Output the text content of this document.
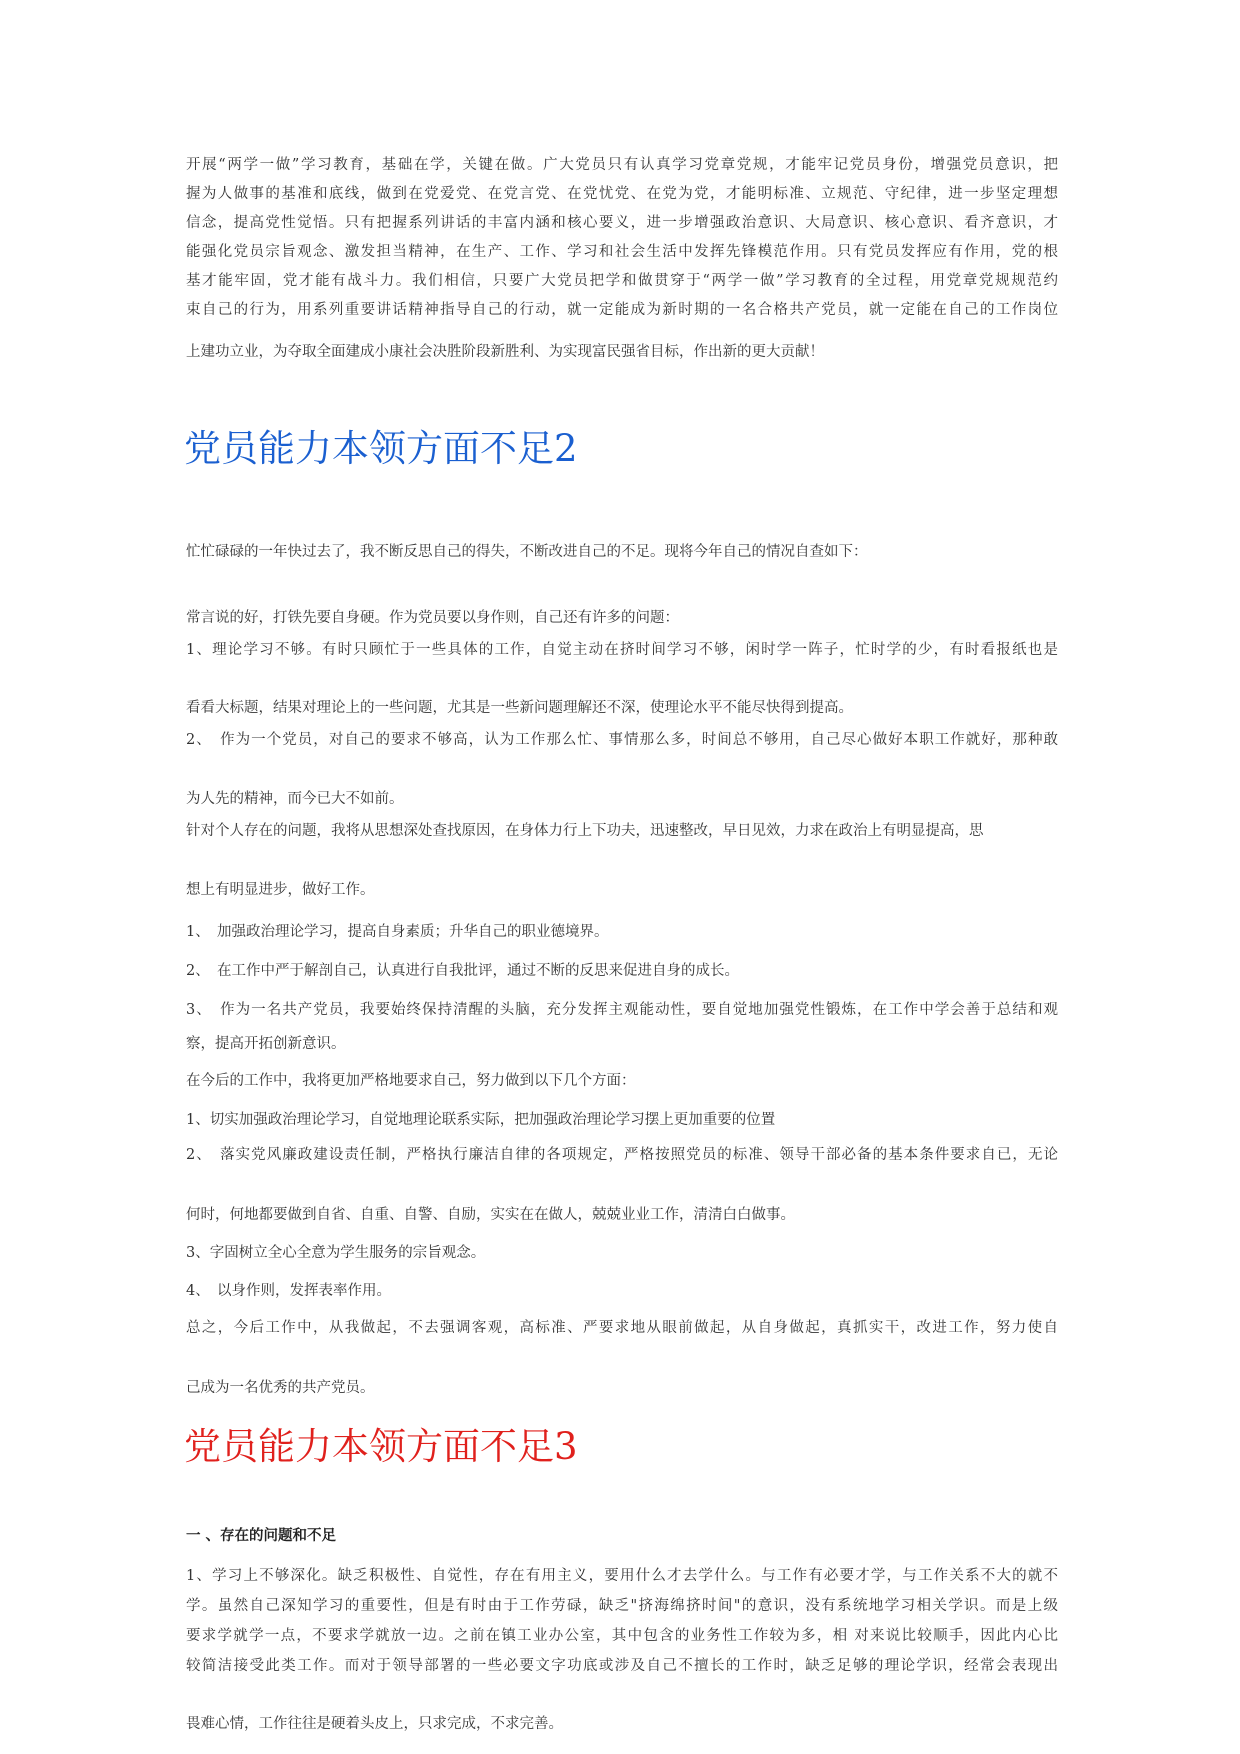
开展“两学一做”学习教育，基础在学，关键在做。广大党员只有认真学习党章党规，才能牢记党员身份，增强党员意识，把
握为人做事的基准和底线，做到在党爱党、在党言党、在党忧党、在党为党，才能明标准、立规范、守纪律，进一步坚定理想
信念，提高党性觉悟。只有把握系列讲话的丰富内涵和核心要义，进一步增强政治意识、大局意识、核心意识、看齐意识，才
能强化党员宗旨观念、激发担当精神，在生产、工作、学习和社会生活中发挥先锋模范作用。只有党员发挥应有作用，党的根
基才能牢固，党才能有战斗力。我们相信，只要广大党员把学和做贯穿于“两学一做”学习教育的全过程，用党章党规规范约
束自己的行为，用系列重要讲话精神指导自己的行动，就一定能成为新时期的一名合格共产党员，就一定能在自己的工作岗位
上建功立业，为夺取全面建成小康社会决胜阶段新胜利、为实现富民强省目标，作出新的更大贡献！
党员能力本领方面不足2
忙忙碌碌的一年快过去了，我不断反思自己的得失，不断改进自己的不足。现将今年自己的情况自查如下：
常言说的好，打铁先要自身硬。作为党员要以身作则，自己还有许多的问题：
1、理论学习不够。有时只顾忙于一些具体的工作，自觉主动在挤时间学习不够，闲时学一阵子，忙时学的少，有时看报纸也是
看看大标题，结果对理论上的一些问题，尤其是一些新问题理解还不深，使理论水平不能尽快得到提高。
2、　作为一个党员，对自己的要求不够高，认为工作那么忙、事情那么多，时间总不够用，自己尽心做好本职工作就好，那种敢
为人先的精神，而今已大不如前。
针对个人存在的问题，我将从思想深处查找原因，在身体力行上下功夫，迅速整改，早日见效，力求在政治上有明显提高，思
想上有明显进步，做好工作。
1、　加强政治理论学习，提高自身素质；升华自己的职业德境界。
2、　在工作中严于解剖自己，认真进行自我批评，通过不断的反思来促进自身的成长。
3、　作为一名共产党员，我要始终保持清醒的头脑，充分发挥主观能动性，要自觉地加强党性锻炼，在工作中学会善于总结和观
察，提高开拓创新意识。
在今后的工作中，我将更加严格地要求自己，努力做到以下几个方面：
1、切实加强政治理论学习，自觉地理论联系实际，把加强政治理论学习摆上更加重要的位置
2、　落实党风廉政建设责任制，严格执行廉洁自律的各项规定，严格按照党员的标准、领导干部必备的基本条件要求自已，无论
何时，何地都要做到自省、自重、自警、自励，实实在在做人，兢兢业业工作，清清白白做事。
3、字固树立全心全意为学生服务的宗旨观念。
4、　以身作则，发挥表率作用。
总之，今后工作中，从我做起，不去强调客观，高标准、严要求地从眼前做起，从自身做起，真抓实干，改进工作，努力使自
己成为一名优秀的共产党员。
党员能力本领方面不足3
一 、存在的问题和不足
1、学习上不够深化。缺乏积极性、自觉性，存在有用主义，要用什么才去学什么。与工作有必要才学，与工作关系不大的就不
学。虽然自己深知学习的重要性，但是有时由于工作劳碌，缺乏"挤海绵挤时间"的意识，没有系统地学习相关学识。而是上级
要求学就学一点，不要求学就放一边。之前在镇工业办公室，其中包含的业务性工作较为多，相 对来说比较顺手，因此内心比
较简洁接受此类工作。而对于领导部署的一些必要文字功底或涉及自己不擅长的工作时，缺乏足够的理论学识，经常会表现出
畏难心情，工作往往是硬着头皮上，只求完成，不求完善。
